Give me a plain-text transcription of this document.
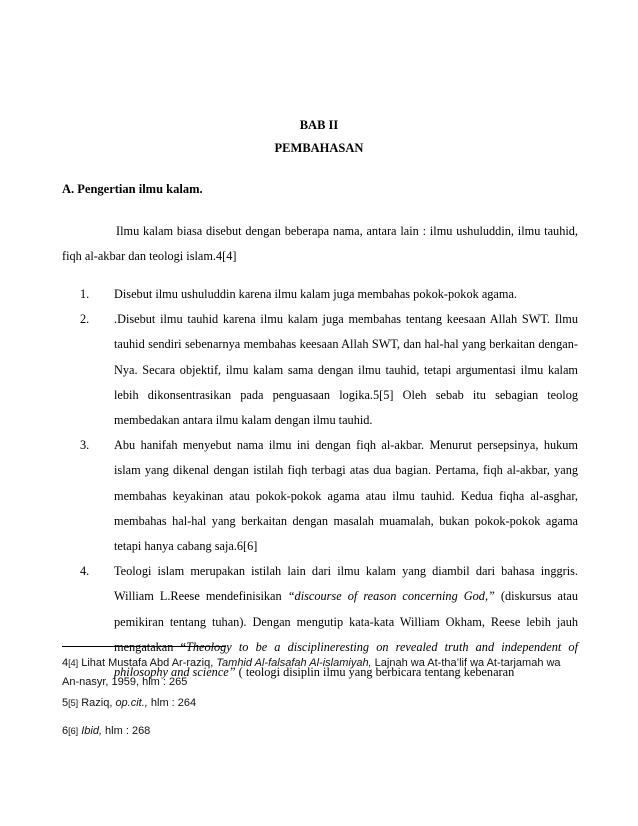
BAB II
PEMBAHASAN
A. Pengertian ilmu kalam.
Ilmu kalam biasa disebut dengan beberapa nama, antara lain : ilmu ushuluddin, ilmu tauhid, fiqh al-akbar dan teologi islam.4[4]
1. Disebut ilmu ushuluddin karena ilmu kalam juga membahas pokok-pokok agama.
2. .Disebut ilmu tauhid karena ilmu kalam juga membahas tentang keesaan Allah SWT. Ilmu tauhid sendiri sebenarnya membahas keesaan Allah SWT, dan hal-hal yang berkaitan dengan-Nya. Secara objektif, ilmu kalam sama dengan ilmu tauhid, tetapi argumentasi ilmu kalam lebih dikonsentrasikan pada penguasaan logika.5[5] Oleh sebab itu sebagian teolog membedakan antara ilmu kalam dengan ilmu tauhid.
3. Abu hanifah menyebut nama ilmu ini dengan fiqh al-akbar. Menurut persepsinya, hukum islam yang dikenal dengan istilah fiqh terbagi atas dua bagian. Pertama, fiqh al-akbar, yang membahas keyakinan atau pokok-pokok agama atau ilmu tauhid. Kedua fiqha al-asghar, membahas hal-hal yang berkaitan dengan masalah muamalah, bukan pokok-pokok agama tetapi hanya cabang saja.6[6]
4. Teologi islam merupakan istilah lain dari ilmu kalam yang diambil dari bahasa inggris. William L.Reese mendefinisikan “discourse of reason concerning God,” (diskursus atau pemikiran tentang tuhan). Dengan mengutip kata-kata William Okham, Reese lebih jauh mengatakan “Theology to be a disciplineresting on revealed truth and independent of philosophy and science” ( teologi disiplin ilmu yang berbicara tentang kebenaran
4[4] Lihat Mustafa Abd Ar-raziq, Tamhid Al-falsafah Al-islamiyah, Lajnah wa At-tha’lif wa At-tarjamah wa An-nasyr, 1959, hlm : 265
5[5] Raziq, op.cit., hlm : 264
6[6] Ibid, hlm : 268
